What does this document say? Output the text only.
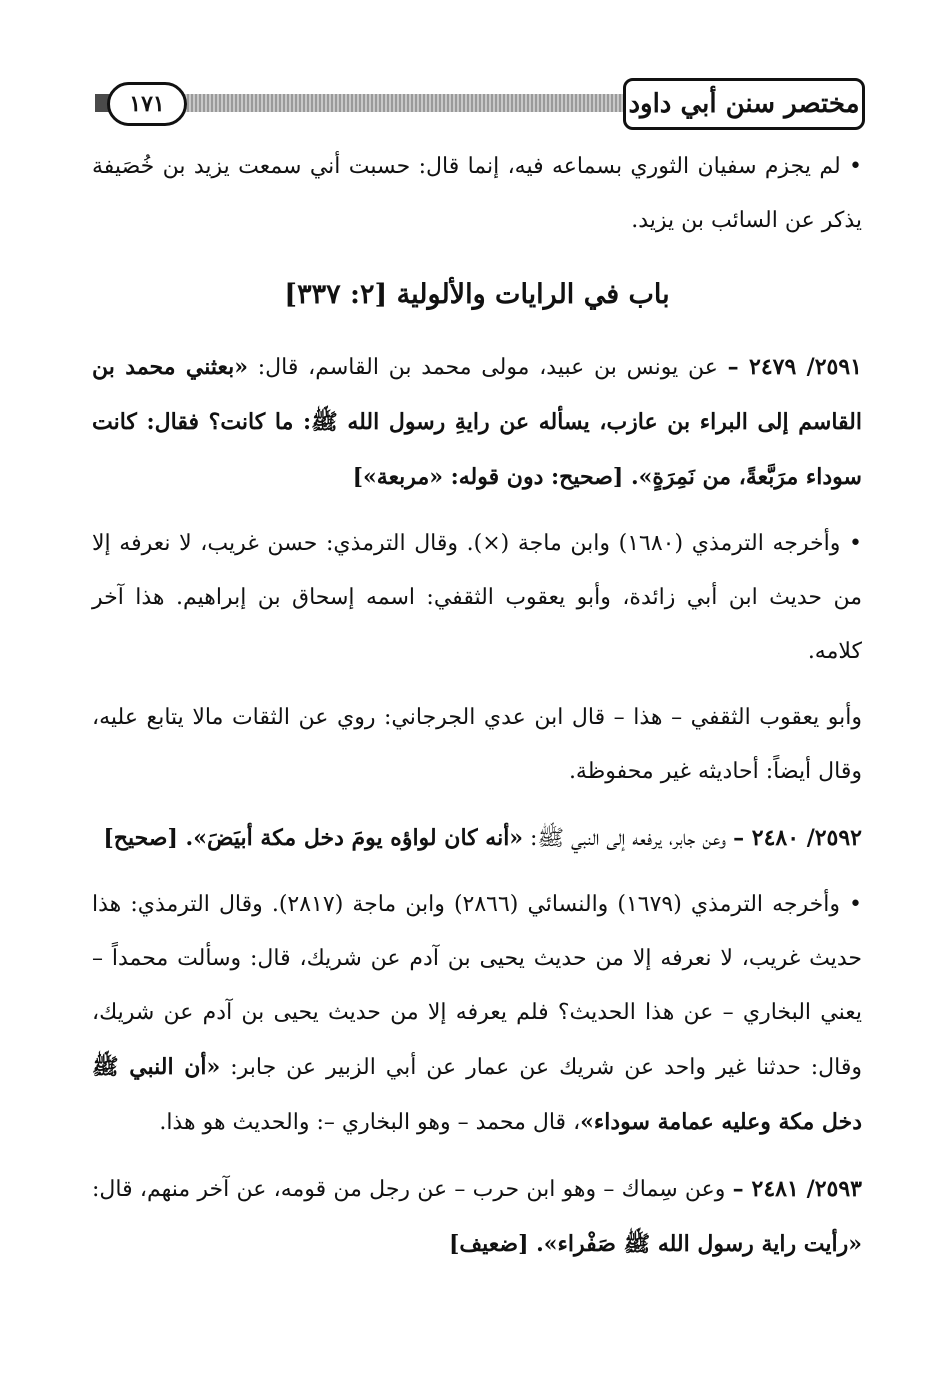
١٧١	مختصر سنن أبي داود

• لم يجزم سفيان الثوري بسماعه فيه، إنما قال: حسبت أني سمعت يزيد بن خُصَيفة يذكر عن السائب بن يزيد.

باب في الرايات والألولية [٢: ٣٣٧]

٢٥٩١/ ٢٤٧٩ – عن يونس بن عبيد، مولى محمد بن القاسم، قال: «بعثني محمد بن القاسم إلى البراء بن عازب، يسأله عن رايةِ رسول الله ﷺ: ما كانت؟ فقال: كانت سوداء مرَبَّعةً، من نَمِرَةٍ». [صحيح: دون قوله: «مربعة»]

• وأخرجه الترمذي (١٦٨٠) وابن ماجة (×). وقال الترمذي: حسن غريب، لا نعرفه إلا من حديث ابن أبي زائدة، وأبو يعقوب الثقفي: اسمه إسحاق بن إبراهيم. هذا آخر كلامه.

وأبو يعقوب الثقفي – هذا – قال ابن عدي الجرجاني: روي عن الثقات مالا يتابع عليه، وقال أيضاً: أحاديثه غير محفوظة.

٢٥٩٢/ ٢٤٨٠ – وعن جابر، يرفعه إلى النبي ﷺ: «أنه كان لواؤه يومَ دخل مكة أبيَضَ». [صحيح]

• وأخرجه الترمذي (١٦٧٩) والنسائي (٢٨٦٦) وابن ماجة (٢٨١٧). وقال الترمذي: هذا حديث غريب، لا نعرفه إلا من حديث يحيى بن آدم عن شريك، قال: وسألت محمداً – يعني البخاري – عن هذا الحديث؟ فلم يعرفه إلا من حديث يحيى بن آدم عن شريك، وقال: حدثنا غير واحد عن شريك عن عمار عن أبي الزبير عن جابر: «أن النبي ﷺ دخل مكة وعليه عمامة سوداء»، قال محمد – وهو البخاري –: والحديث هو هذا.

٢٥٩٣/ ٢٤٨١ – وعن سِماك – وهو ابن حرب – عن رجل من قومه، عن آخر منهم، قال: «رأيت راية رسول الله ﷺ صَفْراء». [ضعيف]
